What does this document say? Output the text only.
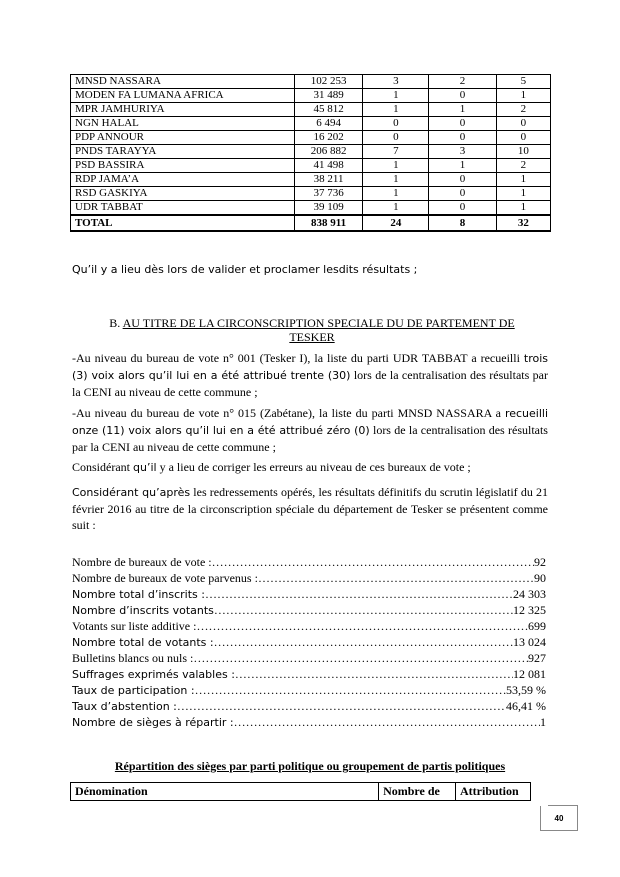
MNSD NASSARA	102 253	3	2	5
MODEN FA LUMANA AFRICA	31 489	1	0	1
MPR JAMHURIYA	45 812	1	1	2
NGN HALAL	6 494	0	0	0
PDP ANNOUR	16 202	0	0	0
PNDS TARAYYA	206 882	7	3	10
PSD BASSIRA	41 498	1	1	2
RDP JAMA’A	38 211	1	0	1
RSD GASKIYA	37 736	1	0	1
UDR TABBAT	39 109	1	0	1
TOTAL	838 911	24	8	32

Qu’il y a lieu dès lors de valider et proclamer lesdits résultats ;

B. AU TITRE DE LA CIRCONSCRIPTION SPECIALE DU DE PARTEMENT DE TESKER

-Au niveau du bureau de vote n° 001 (Tesker I), la liste du parti UDR TABBAT a recueilli trois (3) voix alors qu’il lui en a été attribué trente (30) lors de la centralisation des résultats par la CENI au niveau de cette commune ;

-Au niveau du bureau de vote n° 015 (Zabétane), la liste du parti MNSD NASSARA a recueilli onze (11) voix alors qu’il lui en a été attribué zéro (0) lors de la centralisation des résultats par la CENI au niveau de cette commune ;

Considérant qu’il y a lieu de corriger les erreurs au niveau de ces bureaux de vote ;

Considérant qu’après les redressements opérés, les résultats définitifs du scrutin législatif du 21 février 2016 au titre de la circonscription spéciale du département de Tesker se présentent comme suit :

Nombre de bureaux de vote : …………………………………………………………………………………………………………………………………………………………………	92
Nombre de bureaux de vote parvenus : …………………………………………………………………………………………………………………………………………………………………	90
Nombre total d’inscrits : …………………………………………………………………………………………………………………………………………………………………	24 303
Nombre d’inscrits votants …………………………………………………………………………………………………………………………………………………………………	12 325
Votants sur liste additive : …………………………………………………………………………………………………………………………………………………………………	699
Nombre total de votants : …………………………………………………………………………………………………………………………………………………………………	13 024
Bulletins blancs ou nuls : …………………………………………………………………………………………………………………………………………………………………	927
Suffrages exprimés valables : …………………………………………………………………………………………………………………………………………………………………	12 081
Taux de participation : …………………………………………………………………………………………………………………………………………………………………	53,59 %
Taux d’abstention : …………………………………………………………………………………………………………………………………………………………………	46,41 %
Nombre de sièges à répartir : …………………………………………………………………………………………………………………………………………………………………	1

Répartition des sièges par parti politique ou groupement de partis politiques

Dénomination	Nombre de	Attribution
40
